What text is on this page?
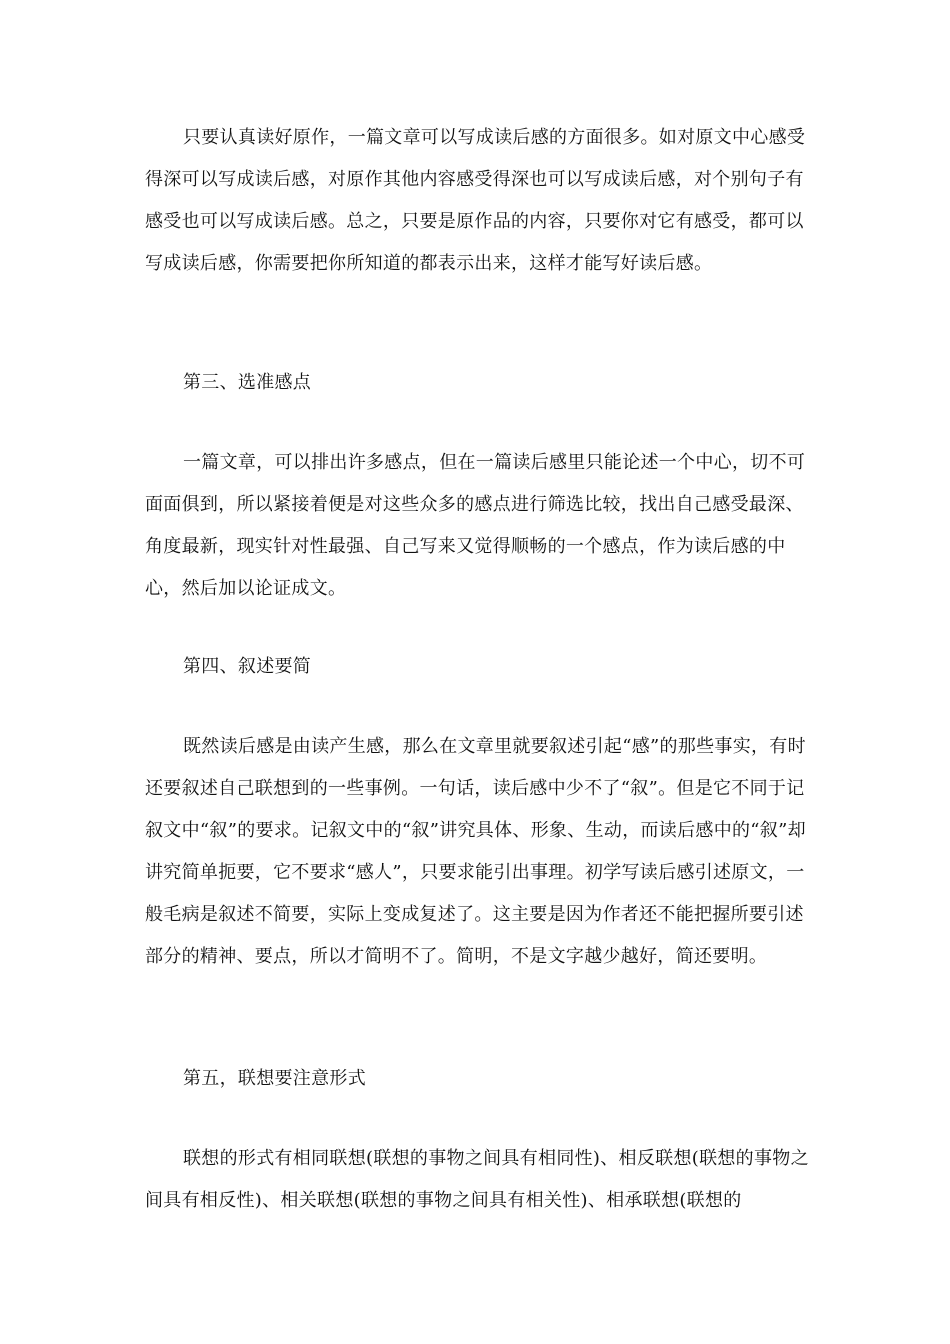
只要认真读好原作，一篇文章可以写成读后感的方面很多。如对原文中心感受得深可以写成读后感，对原作其他内容感受得深也可以写成读后感，对个别句子有感受也可以写成读后感。总之，只要是原作品的内容，只要你对它有感受，都可以写成读后感，你需要把你所知道的都表示出来，这样才能写好读后感。

第三、选准感点

一篇文章，可以排出许多感点，但在一篇读后感里只能论述一个中心，切不可面面俱到，所以紧接着便是对这些众多的感点进行筛选比较，找出自己感受最深、角度最新，现实针对性最强、自己写来又觉得顺畅的一个感点，作为读后感的中心，然后加以论证成文。

第四、叙述要简

既然读后感是由读产生感，那么在文章里就要叙述引起“感”的那些事实，有时还要叙述自己联想到的一些事例。一句话，读后感中少不了“叙”。但是它不同于记叙文中“叙”的要求。记叙文中的“叙”讲究具体、形象、生动，而读后感中的“叙”却讲究简单扼要，它不要求“感人”，只要求能引出事理。初学写读后感引述原文，一般毛病是叙述不简要，实际上变成复述了。这主要是因为作者还不能把握所要引述部分的精神、要点，所以才简明不了。简明，不是文字越少越好，简还要明。

第五，联想要注意形式

联想的形式有相同联想(联想的事物之间具有相同性)、相反联想(联想的事物之间具有相反性)、相关联想(联想的事物之间具有相关性)、相承联想(联想的
